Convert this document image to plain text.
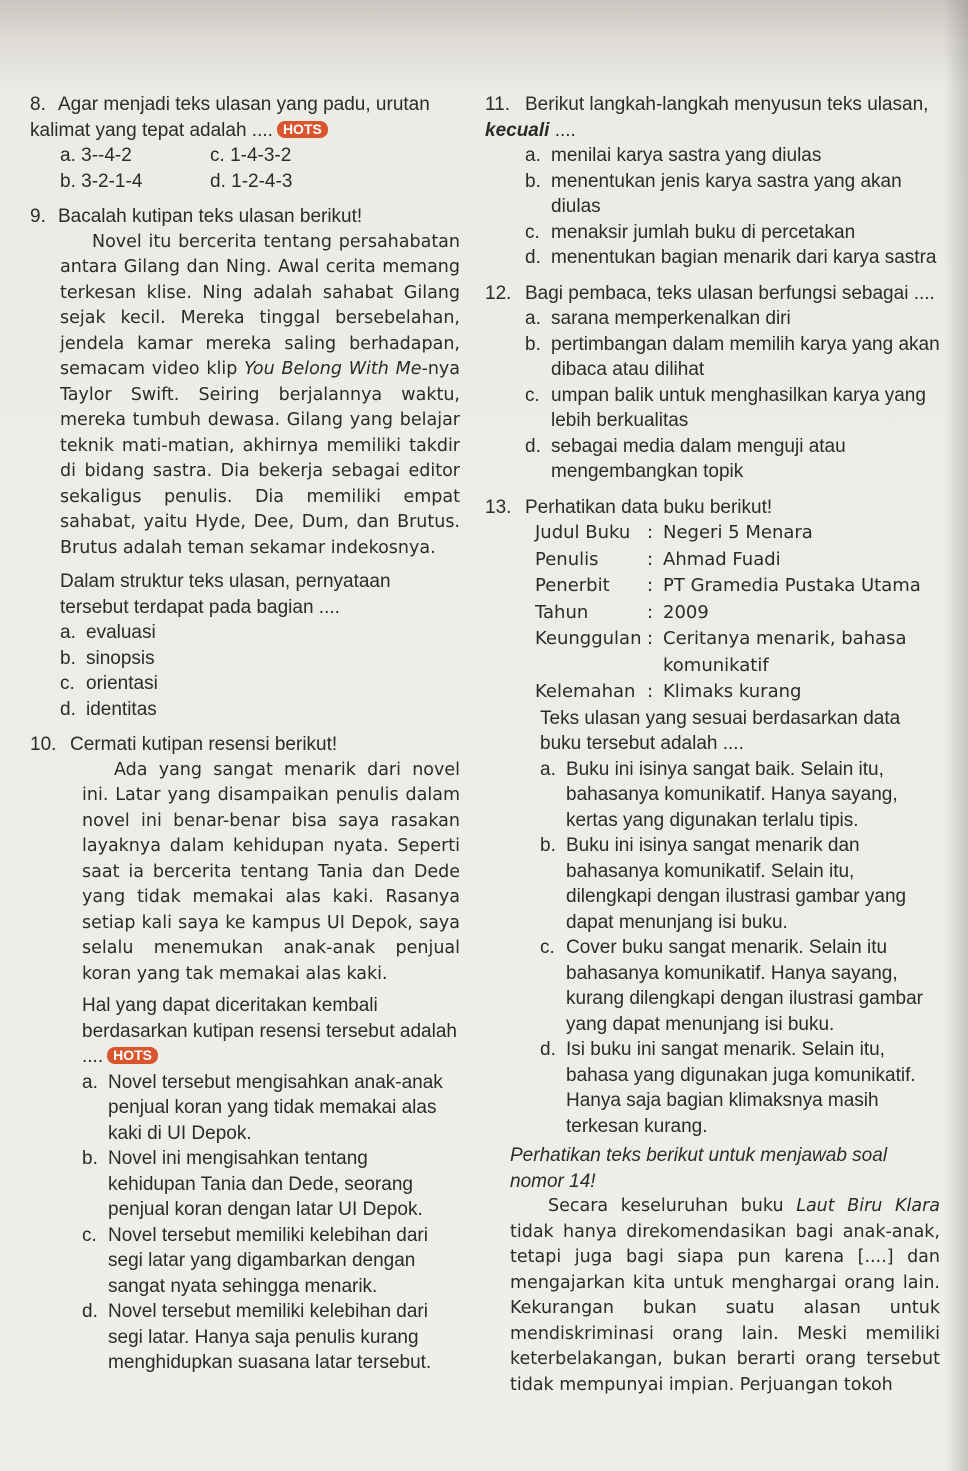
8. Agar menjadi teks ulasan yang padu, urutan kalimat yang tepat adalah .... HOTS
a. 3--4-2	c. 1-4-3-2
b. 3-2-1-4	d. 1-2-4-3
9. Bacalah kutipan teks ulasan berikut!
Novel itu bercerita tentang persahabatan antara Gilang dan Ning. Awal cerita memang terkesan klise. Ning adalah sahabat Gilang sejak kecil. Mereka tinggal bersebelahan, jendela kamar mereka saling berhadapan, semacam video klip You Belong With Me-nya Taylor Swift. Seiring berjalannya waktu, mereka tumbuh dewasa. Gilang yang belajar teknik mati-matian, akhirnya memiliki takdir di bidang sastra. Dia bekerja sebagai editor sekaligus penulis. Dia memiliki empat sahabat, yaitu Hyde, Dee, Dum, dan Brutus. Brutus adalah teman sekamar indekosnya.
Dalam struktur teks ulasan, pernyataan tersebut terdapat pada bagian ....
a. evaluasi
b. sinopsis
c. orientasi
d. identitas
10. Cermati kutipan resensi berikut!
Ada yang sangat menarik dari novel ini. Latar yang disampaikan penulis dalam novel ini benar-benar bisa saya rasakan layaknya dalam kehidupan nyata. Seperti saat ia bercerita tentang Tania dan Dede yang tidak memakai alas kaki. Rasanya setiap kali saya ke kampus UI Depok, saya selalu menemukan anak-anak penjual koran yang tak memakai alas kaki.
Hal yang dapat diceritakan kembali berdasarkan kutipan resensi tersebut adalah .... HOTS
a. Novel tersebut mengisahkan anak-anak penjual koran yang tidak memakai alas kaki di UI Depok.
b. Novel ini mengisahkan tentang kehidupan Tania dan Dede, seorang penjual koran dengan latar UI Depok.
c. Novel tersebut memiliki kelebihan dari segi latar yang digambarkan dengan sangat nyata sehingga menarik.
d. Novel tersebut memiliki kelebihan dari segi latar. Hanya saja penulis kurang menghidupkan suasana latar tersebut.
11. Berikut langkah-langkah menyusun teks ulasan, kecuali ....
a. menilai karya sastra yang diulas
b. menentukan jenis karya sastra yang akan diulas
c. menaksir jumlah buku di percetakan
d. menentukan bagian menarik dari karya sastra
12. Bagi pembaca, teks ulasan berfungsi sebagai ....
a. sarana memperkenalkan diri
b. pertimbangan dalam memilih karya yang akan dibaca atau dilihat
c. umpan balik untuk menghasilkan karya yang lebih berkualitas
d. sebagai media dalam menguji atau mengembangkan topik
13. Perhatikan data buku berikut!
Judul Buku : Negeri 5 Menara
Penulis	: Ahmad Fuadi
Penerbit	: PT Gramedia Pustaka Utama
Tahun	: 2009
Keunggulan : Ceritanya menarik, bahasa komunikatif
Kelemahan : Klimaks kurang
Teks ulasan yang sesuai berdasarkan data buku tersebut adalah ....
a. Buku ini isinya sangat baik. Selain itu, bahasanya komunikatif. Hanya sayang, kertas yang digunakan terlalu tipis.
b. Buku ini isinya sangat menarik dan bahasanya komunikatif. Selain itu, dilengkapi dengan ilustrasi gambar yang dapat menunjang isi buku.
c. Cover buku sangat menarik. Selain itu bahasanya komunikatif. Hanya sayang, kurang dilengkapi dengan ilustrasi gambar yang dapat menunjang isi buku.
d. Isi buku ini sangat menarik. Selain itu, bahasa yang digunakan juga komunikatif. Hanya saja bagian klimaksnya masih terkesan kurang.
Perhatikan teks berikut untuk menjawab soal nomor 14!
Secara keseluruhan buku Laut Biru Klara tidak hanya direkomendasikan bagi anak-anak, tetapi juga bagi siapa pun karena [....] dan mengajarkan kita untuk menghargai orang lain. Kekurangan bukan suatu alasan untuk mendiskriminasi orang lain. Meski memiliki keterbelakangan, bukan berarti orang tersebut tidak mempunyai impian. Perjuangan tokoh
